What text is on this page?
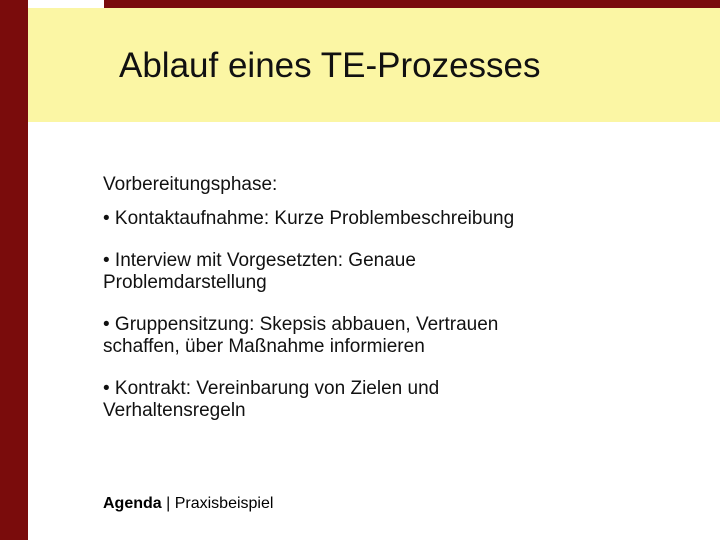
Ablauf eines TE-Prozesses

Vorbereitungsphase:

• Kontaktaufnahme: Kurze Problembeschreibung

• Interview mit Vorgesetzten: Genaue Problemdarstellung

• Gruppensitzung: Skepsis abbauen, Vertrauen schaffen, über Maßnahme informieren

• Kontrakt: Vereinbarung von Zielen und Verhaltensregeln

Agenda | Praxisbeispiel
